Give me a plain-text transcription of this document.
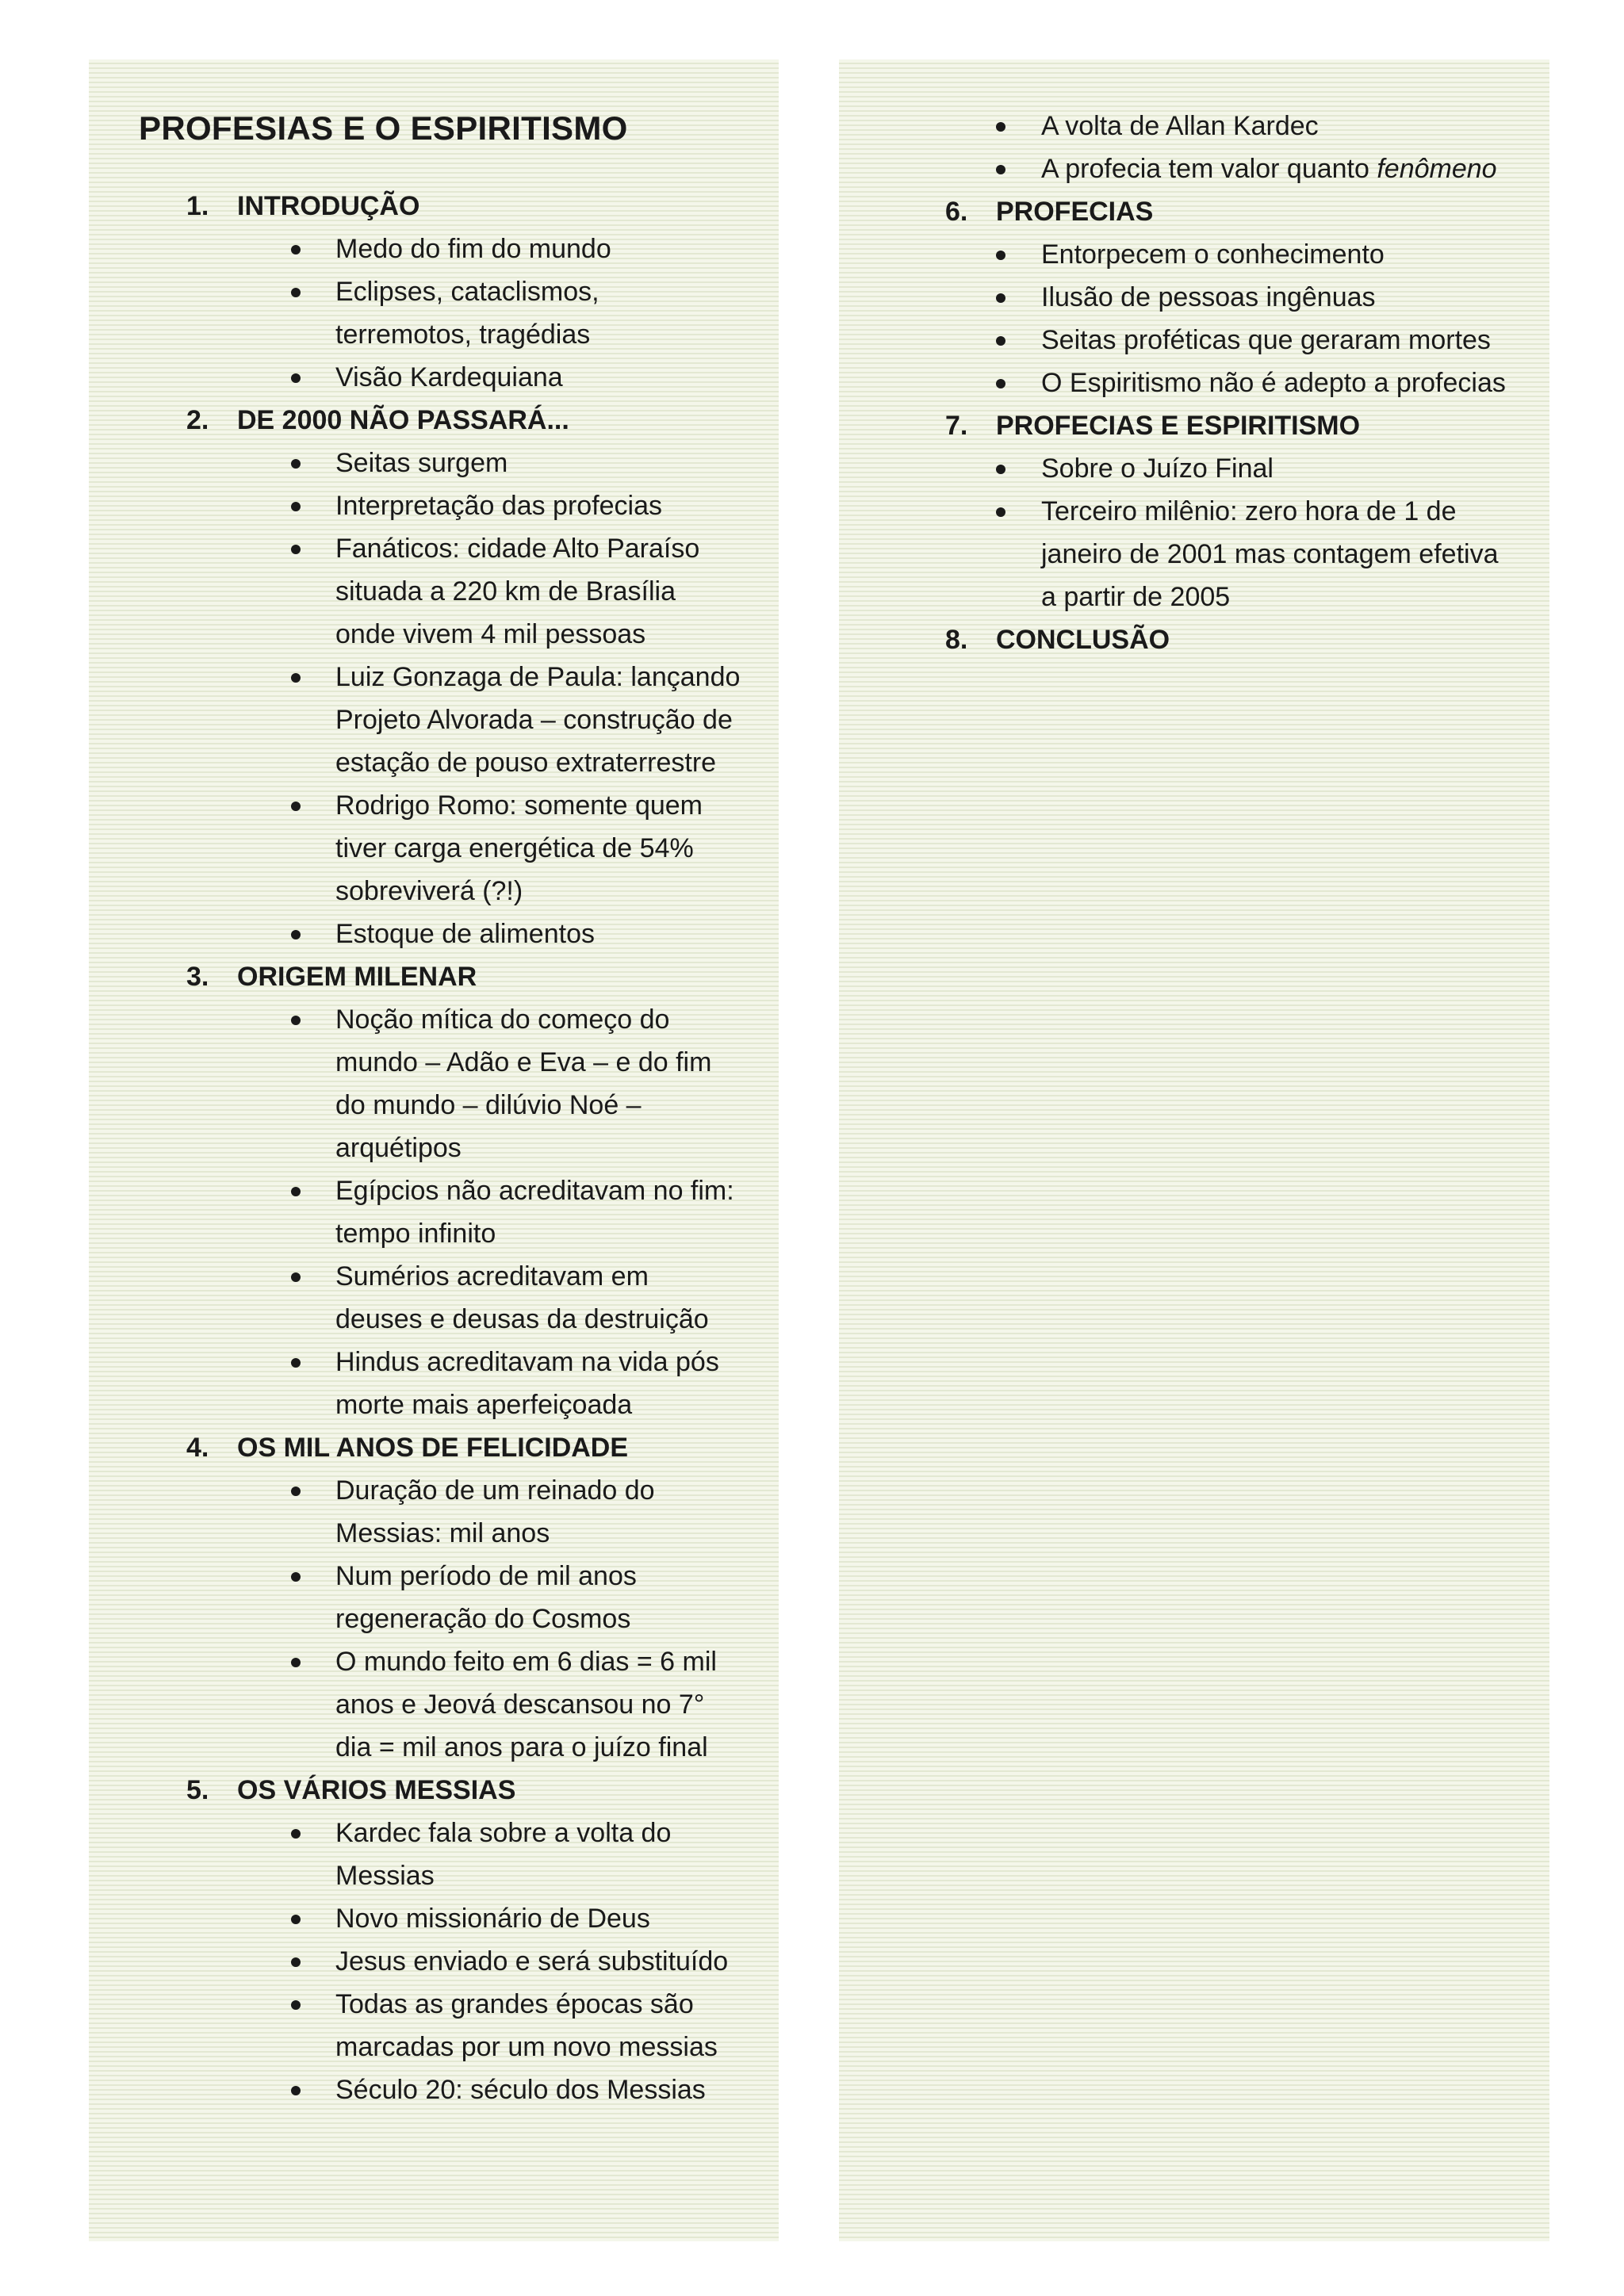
PROFESIAS E O ESPIRITISMO
1. INTRODUÇÃO
Medo do fim do mundo
Eclipses, cataclismos, terremotos, tragédias
Visão Kardequiana
2. DE 2000 NÃO PASSARÁ...
Seitas surgem
Interpretação das profecias
Fanáticos: cidade Alto Paraíso situada a 220 km de Brasília onde vivem 4 mil pessoas
Luiz Gonzaga de Paula: lançando Projeto Alvorada – construção de estação de pouso extraterrestre
Rodrigo Romo: somente quem tiver carga energética de 54% sobreviverá (?!)
Estoque de alimentos
3. ORIGEM MILENAR
Noção mítica do começo do mundo – Adão e Eva – e do fim do mundo – dilúvio Noé – arquétipos
Egípcios não acreditavam no fim: tempo infinito
Sumérios acreditavam em deuses e deusas da destruição
Hindus acreditavam na vida pós morte mais aperfeiçoada
4. OS MIL ANOS DE FELICIDADE
Duração de um reinado do Messias: mil anos
Num período de mil anos regeneração do Cosmos
O mundo feito em 6 dias = 6 mil anos e Jeová descansou no 7° dia = mil anos para o juízo final
5. OS VÁRIOS MESSIAS
Kardec fala sobre a volta do Messias
Novo missionário de Deus
Jesus enviado e será substituído
Todas as grandes épocas são marcadas por um novo messias
Século 20: século dos Messias
A volta de Allan Kardec
A profecia tem valor quanto fenômeno
6. PROFECIAS
Entorpecem o conhecimento
Ilusão de pessoas ingênuas
Seitas proféticas que geraram mortes
O Espiritismo não é adepto a profecias
7. PROFECIAS E ESPIRITISMO
Sobre o Juízo Final
Terceiro milênio: zero hora de 1 de janeiro de 2001 mas contagem efetiva a partir de 2005
8. CONCLUSÃO
